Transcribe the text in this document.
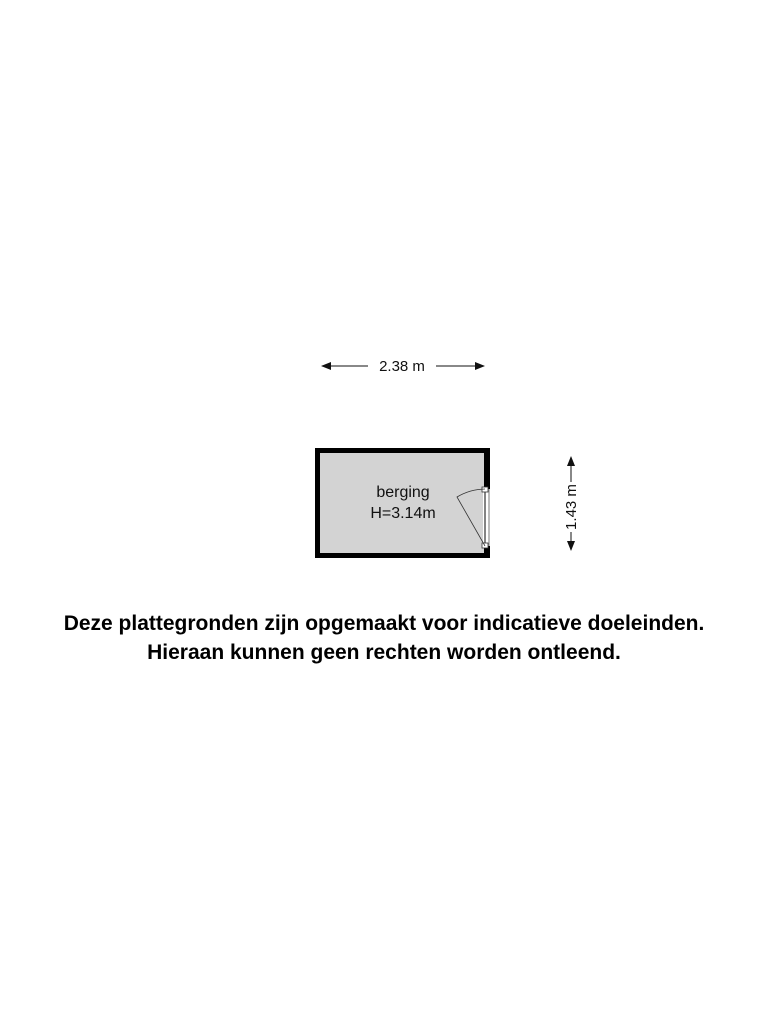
2.38 m
1.43 m
berging
H=3.14m
Deze plattegronden zijn opgemaakt voor indicatieve doeleinden.
Hieraan kunnen geen rechten worden ontleend.
